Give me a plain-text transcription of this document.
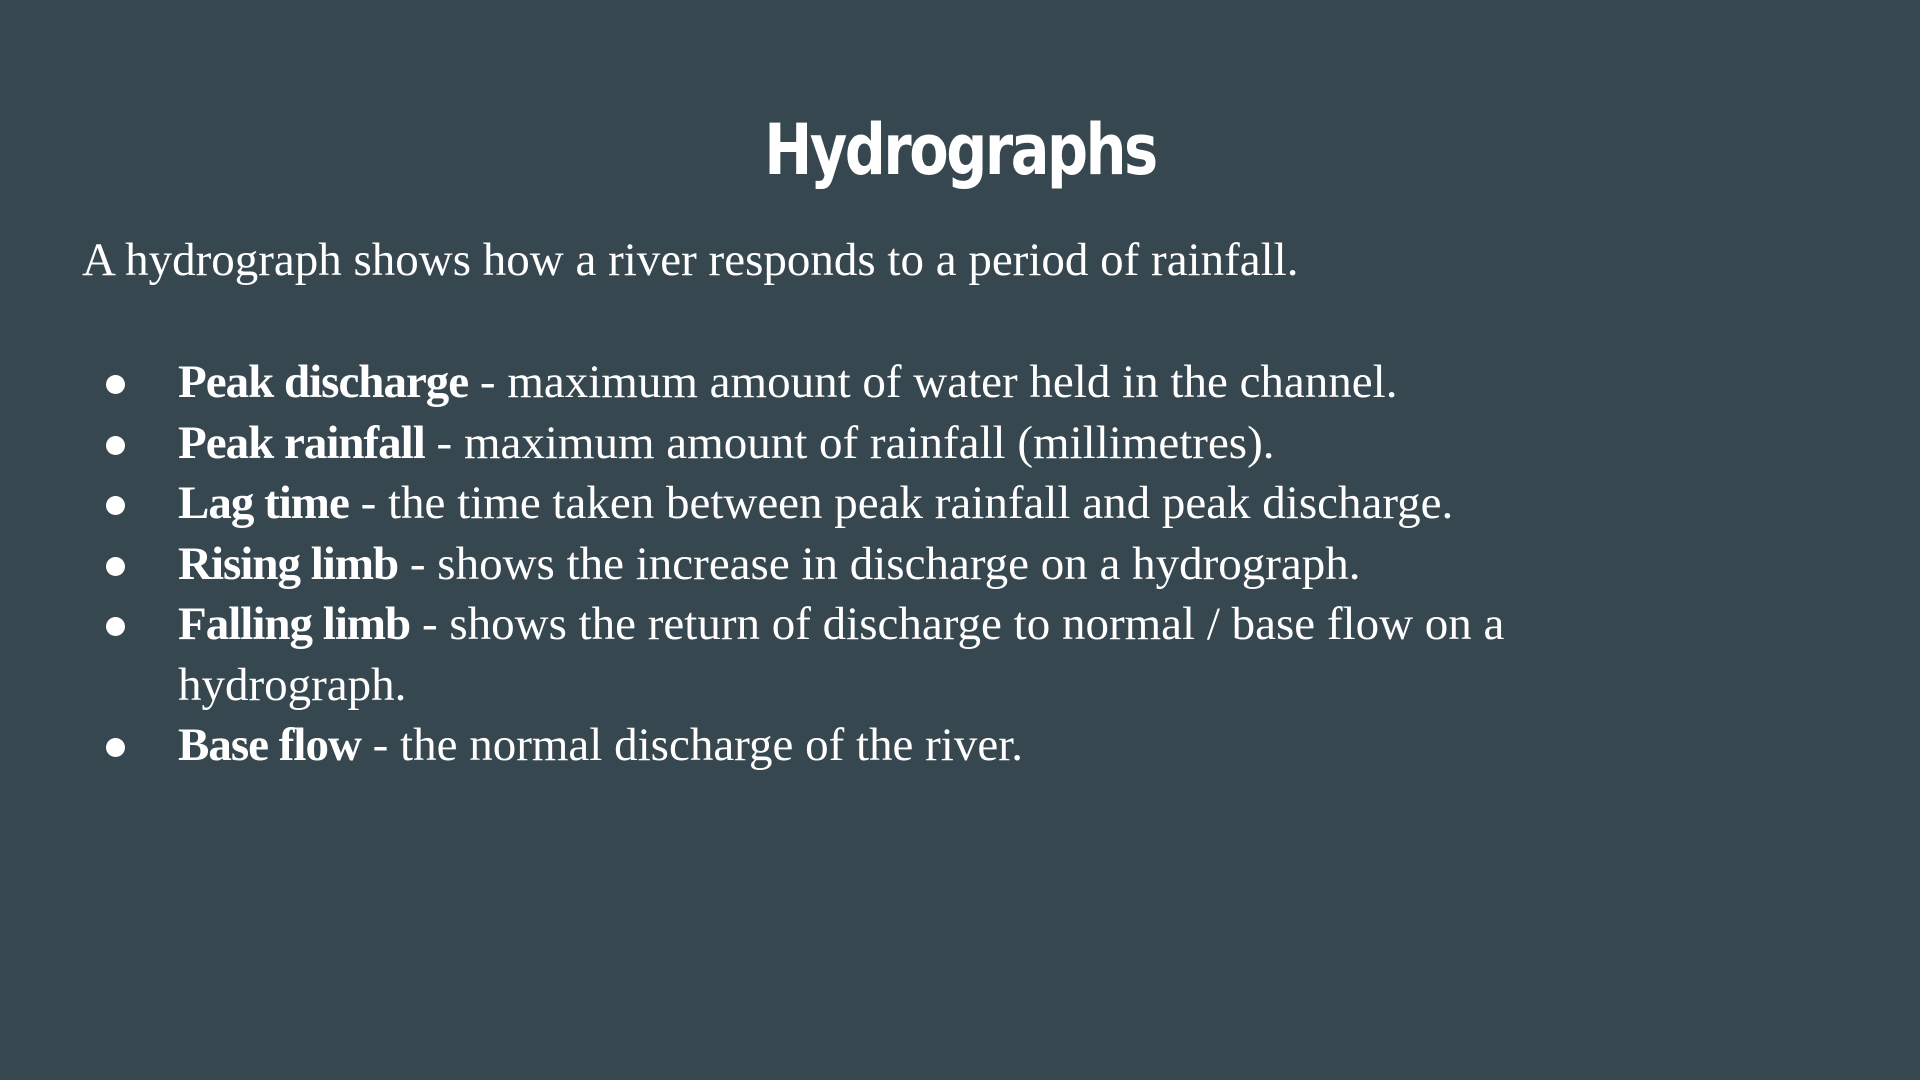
Hydrographs

A hydrograph shows how a river responds to a period of rainfall.

Peak discharge - maximum amount of water held in the channel.
Peak rainfall - maximum amount of rainfall (millimetres).
Lag time - the time taken between peak rainfall and peak discharge.
Rising limb - shows the increase in discharge on a hydrograph.
Falling limb - shows the return of discharge to normal / base flow on a hydrograph.
Base flow - the normal discharge of the river.
